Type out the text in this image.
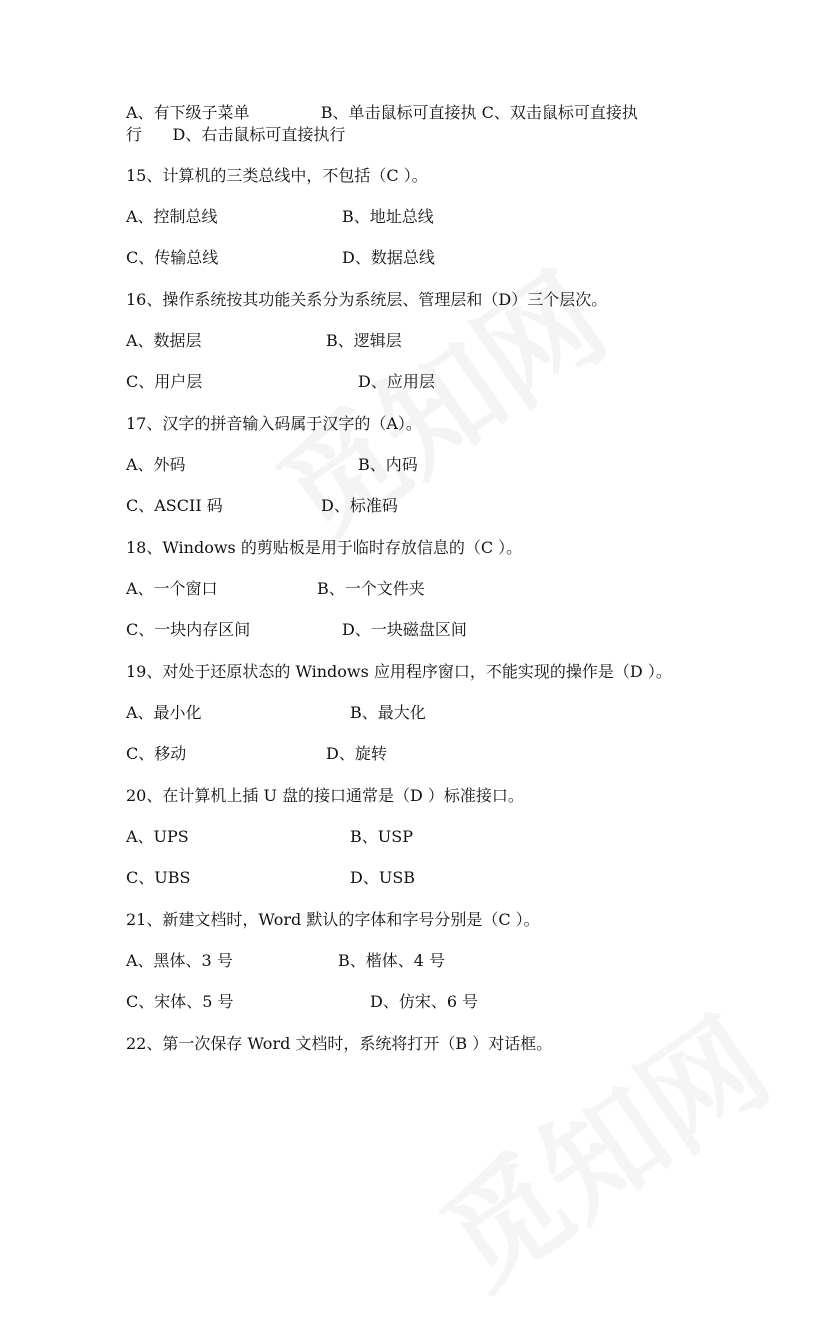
A、有下级子菜单              B、单击鼠标可直接执 C、双击鼠标可直接执
行      D、右击鼠标可直接执行
15、计算机的三类总线中，不包括（C ）。
A、控制总线	B、地址总线
C、传输总线	D、数据总线
16、操作系统按其功能关系分为系统层、管理层和（D）三个层次。
A、数据层	B、逻辑层
C、用户层	D、应用层
17、汉字的拼音输入码属于汉字的（A）。
A、外码	B、内码
C、ASCII 码	D、标准码
18、Windows 的剪贴板是用于临时存放信息的（C ）。
A、一个窗口	B、一个文件夹
C、一块内存区间	D、一块磁盘区间
19、对处于还原状态的 Windows 应用程序窗口，不能实现的操作是（D ）。
A、最小化	B、最大化
C、移动	D、旋转
20、在计算机上插 U 盘的接口通常是（D ）标准接口。
A、UPS	B、USP
C、UBS	D、USB
21、新建文档时，Word 默认的字体和字号分别是（C ）。
A、黑体、3 号	B、楷体、4 号
C、宋体、5 号	D、仿宋、6 号
22、第一次保存 Word 文档时，系统将打开（B ）对话框。
